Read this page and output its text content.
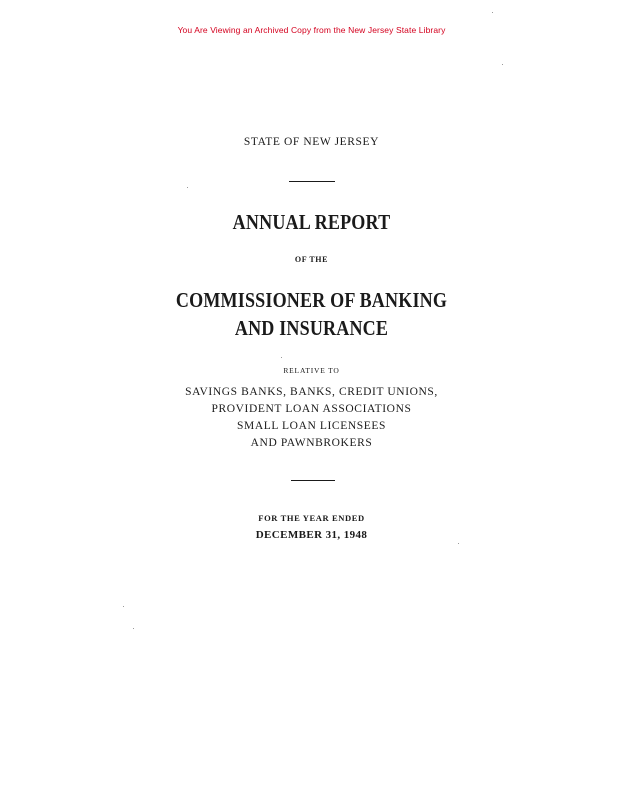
You Are Viewing an Archived Copy from the New Jersey State Library
STATE OF NEW JERSEY
ANNUAL REPORT
OF THE
COMMISSIONER OF BANKING
AND INSURANCE
RELATIVE TO
SAVINGS BANKS, BANKS, CREDIT UNIONS,
PROVIDENT LOAN ASSOCIATIONS
SMALL LOAN LICENSEES
AND PAWNBROKERS
FOR THE YEAR ENDED
DECEMBER 31, 1948
